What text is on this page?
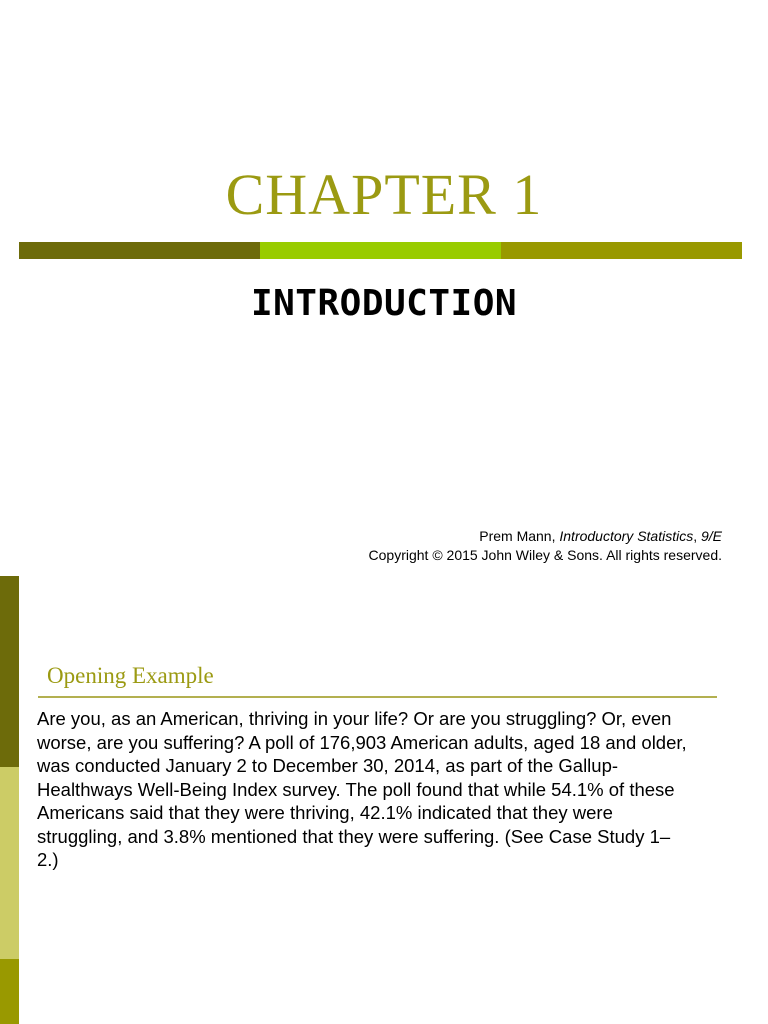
CHAPTER 1
INTRODUCTION
Prem Mann, Introductory Statistics, 9/E
Copyright © 2015 John Wiley & Sons. All rights reserved.
Opening Example
Are you, as an American, thriving in your life? Or are you struggling? Or, even
worse, are you suffering? A poll of 176,903 American adults, aged 18 and older,
was conducted January 2 to December 30, 2014, as part of the Gallup-
Healthways Well-Being Index survey. The poll found that while 54.1% of these
Americans said that they were thriving, 42.1% indicated that they were
struggling, and 3.8% mentioned that they were suffering. (See Case Study 1–
2.)
